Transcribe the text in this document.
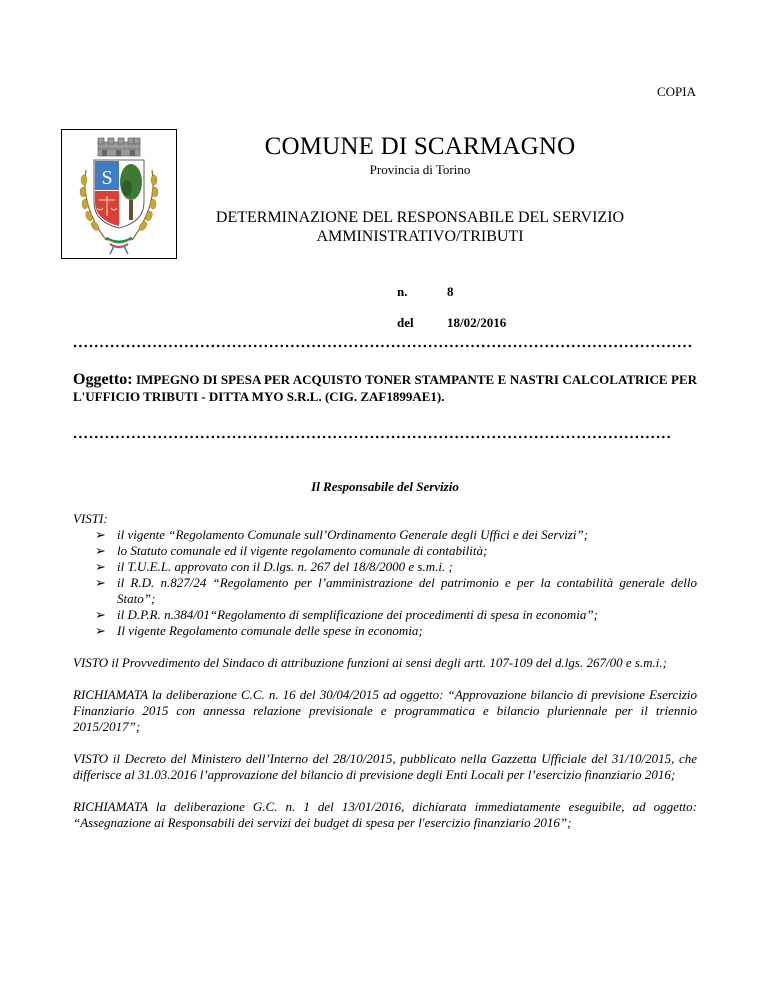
COPIA
S
COMUNE DI SCARMAGNO
Provincia di Torino
DETERMINAZIONE DEL RESPONSABILE DEL SERVIZIO AMMINISTRATIVO/TRIBUTI
n.	8
del	18/02/2016
Oggetto: IMPEGNO DI SPESA PER ACQUISTO TONER STAMPANTE E NASTRI CALCOLATRICE PER L'UFFICIO TRIBUTI - DITTA MYO S.R.L. (CIG. ZAF1899AE1).
Il Responsabile del Servizio

VISTI:

➢ il vigente “Regolamento Comunale sull’Ordinamento Generale degli Uffici e dei Servizi”;
➢ lo Statuto comunale ed il vigente regolamento comunale di contabilità;
➢ il T.U.E.L. approvato con il D.lgs. n. 267 del 18/8/2000 e s.m.i. ;
➢ il R.D. n.827/24 “Regolamento per l’amministrazione del patrimonio e per la contabilità generale dello Stato”;
➢ il D.P.R. n.384/01“Regolamento di semplificazione dei procedimenti di spesa in economia”;
➢ Il vigente Regolamento comunale delle spese in economia;

VISTO il Provvedimento del Sindaco di attribuzione funzioni ai sensi degli artt. 107-109 del d.lgs. 267/00 e s.m.i.;

RICHIAMATA la deliberazione C.C. n. 16 del 30/04/2015 ad oggetto: “Approvazione bilancio di previsione Esercizio Finanziario 2015 con annessa relazione previsionale e programmatica e bilancio pluriennale per il triennio 2015/2017”;

VISTO il Decreto del Ministero dell’Interno del 28/10/2015, pubblicato nella Gazzetta Ufficiale del 31/10/2015, che differisce al 31.03.2016 l’approvazione del bilancio di previsione degli Enti Locali per l’esercizio finanziario 2016;

RICHIAMATA la deliberazione G.C. n. 1 del 13/01/2016, dichiarata immediatamente eseguibile, ad oggetto: “Assegnazione ai Responsabili dei servizi dei budget di spesa per l'esercizio finanziario 2016”;
